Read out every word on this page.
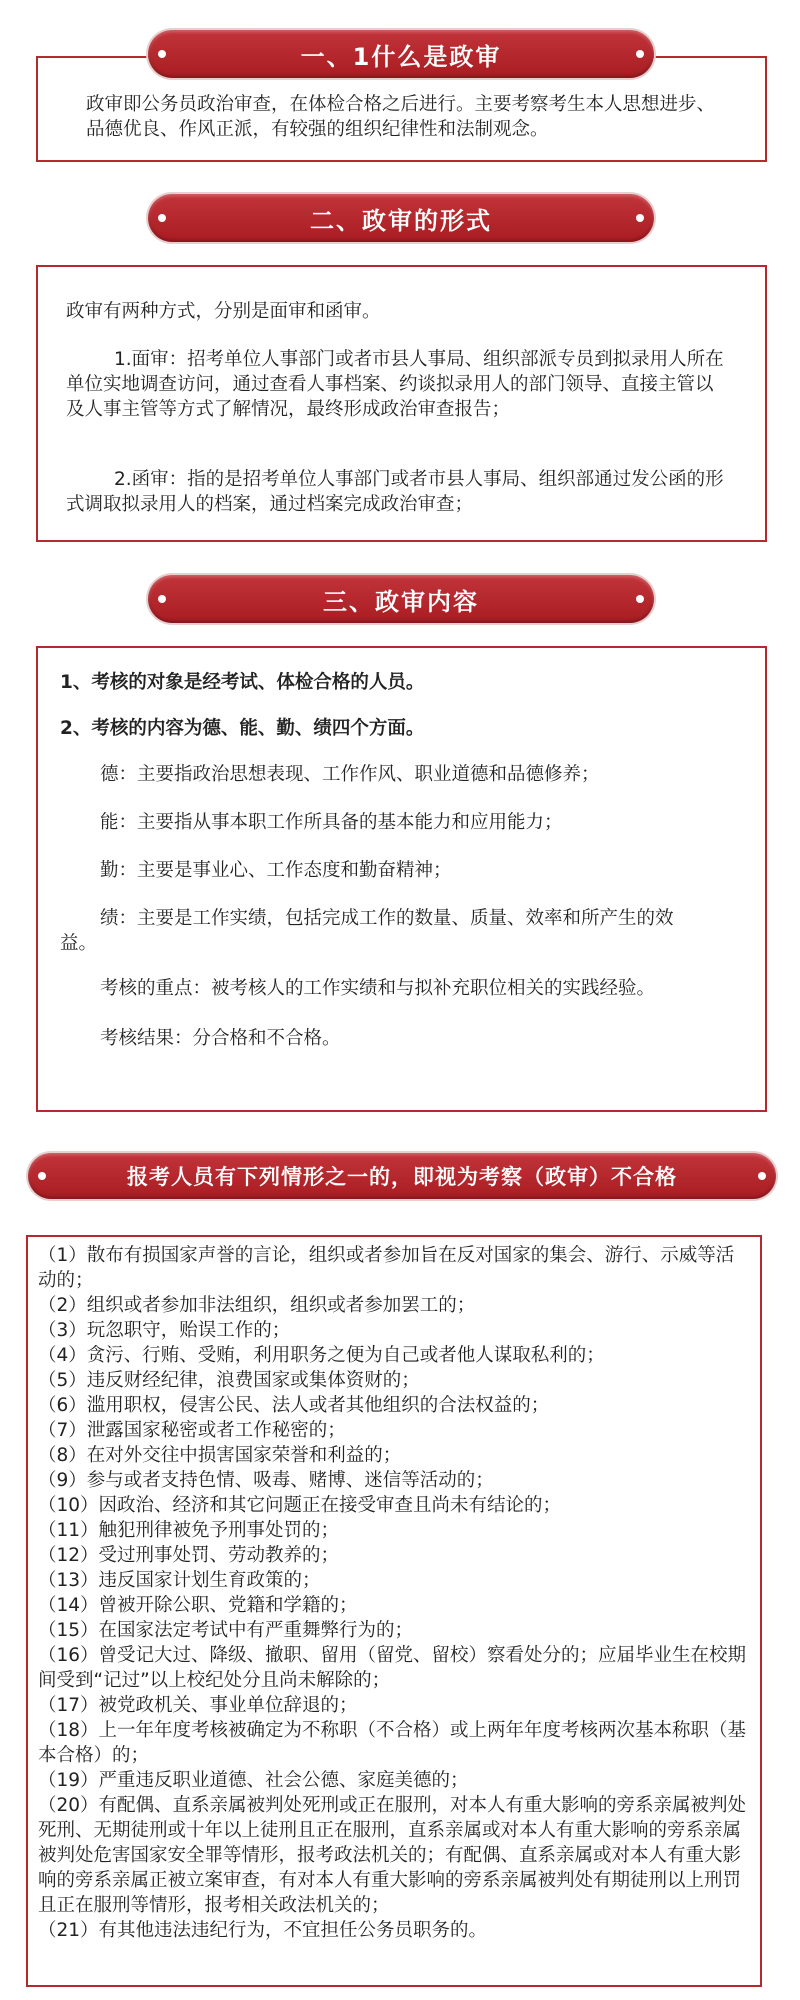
政审即公务员政治审查，在体检合格之后进行。主要考察考生本人思想进步、品德优良、作风正派，有较强的组织纪律性和法制观念。
一、1什么是政审
政审有两种方式，分别是面审和函审。
1.面审：招考单位人事部门或者市县人事局、组织部派专员到拟录用人所在单位实地调查访问，通过查看人事档案、约谈拟录用人的部门领导、直接主管以及人事主管等方式了解情况，最终形成政治审查报告；
2.函审：指的是招考单位人事部门或者市县人事局、组织部通过发公函的形式调取拟录用人的档案，通过档案完成政治审查；
二、政审的形式
1、考核的对象是经考试、体检合格的人员。
2、考核的内容为德、能、勤、绩四个方面。
德：主要指政治思想表现、工作作风、职业道德和品德修养；
能：主要指从事本职工作所具备的基本能力和应用能力；
勤：主要是事业心、工作态度和勤奋精神；
绩：主要是工作实绩，包括完成工作的数量、质量、效率和所产生的效益。
考核的重点：被考核人的工作实绩和与拟补充职位相关的实践经验。
考核结果：分合格和不合格。
三、政审内容
报考人员有下列情形之一的，即视为考察（政审）不合格
（1）散布有损国家声誉的言论，组织或者参加旨在反对国家的集会、游行、示威等活动的；
（2）组织或者参加非法组织，组织或者参加罢工的；
（3）玩忽职守，贻误工作的；
（4）贪污、行贿、受贿，利用职务之便为自己或者他人谋取私利的；
（5）违反财经纪律，浪费国家或集体资财的；
（6）滥用职权，侵害公民、法人或者其他组织的合法权益的；
（7）泄露国家秘密或者工作秘密的；
（8）在对外交往中损害国家荣誉和利益的；
（9）参与或者支持色情、吸毒、赌博、迷信等活动的；
（10）因政治、经济和其它问题正在接受审查且尚未有结论的；
（11）触犯刑律被免予刑事处罚的；
（12）受过刑事处罚、劳动教养的；
（13）违反国家计划生育政策的；
（14）曾被开除公职、党籍和学籍的；
（15）在国家法定考试中有严重舞弊行为的；
（16）曾受记大过、降级、撤职、留用（留党、留校）察看处分的；应届毕业生在校期间受到“记过”以上校纪处分且尚未解除的；
（17）被党政机关、事业单位辞退的；
（18）上一年年度考核被确定为不称职（不合格）或上两年年度考核两次基本称职（基本合格）的；
（19）严重违反职业道德、社会公德、家庭美德的；
（20）有配偶、直系亲属被判处死刑或正在服刑，对本人有重大影响的旁系亲属被判处死刑、无期徒刑或十年以上徒刑且正在服刑，直系亲属或对本人有重大影响的旁系亲属被判处危害国家安全罪等情形，报考政法机关的；有配偶、直系亲属或对本人有重大影响的旁系亲属正被立案审查，有对本人有重大影响的旁系亲属被判处有期徒刑以上刑罚且正在服刑等情形，报考相关政法机关的；
（21）有其他违法违纪行为，不宜担任公务员职务的。
